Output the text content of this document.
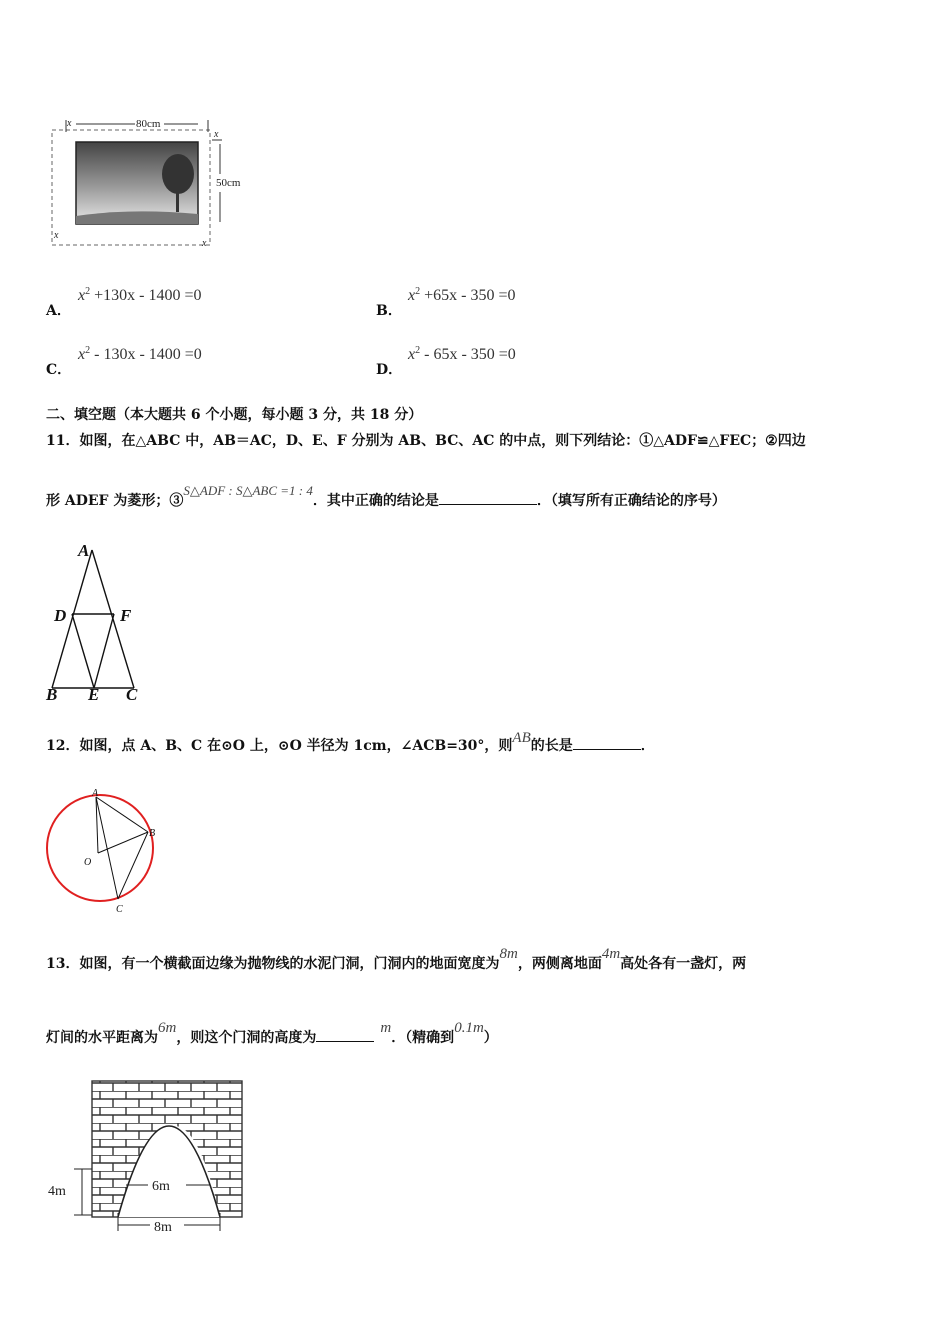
80cm
x
50cm
x
x
x
A．
$x^2 +130x - 1400 =0$
B．
$x^2 +65x - 350 =0$
C．
$x^2 - 130x - 1400 =0$
D．
$x^2 - 65x - 350 =0$
二、填空题（本大题共 6 个小题，每小题 3 分，共 18 分）
11．如图，在△ABC 中，AB＝AC，D、E、F 分别为 AB、BC、AC 的中点，则下列结论：①△ADF≌△FEC；②四边
形 ADEF 为菱形；③S△ADF : S△ABC =1 : 4．其中正确的结论是	．（填写所有正确结论的序号）
A
D	F
B E C
12．如图，点 A、B、C 在⊙O 上，⊙O 半径为 1cm，∠ACB=30°，则AB的长是	．
A
B
O
C
13．如图，有一个横截面边缘为抛物线的水泥门洞，门洞内的地面宽度为8m，两侧离地面4m高处各有一盏灯，两
灯间的水平距离为6m，则这个门洞的高度为m．（精确到0.1m）
6m
4m
8m
